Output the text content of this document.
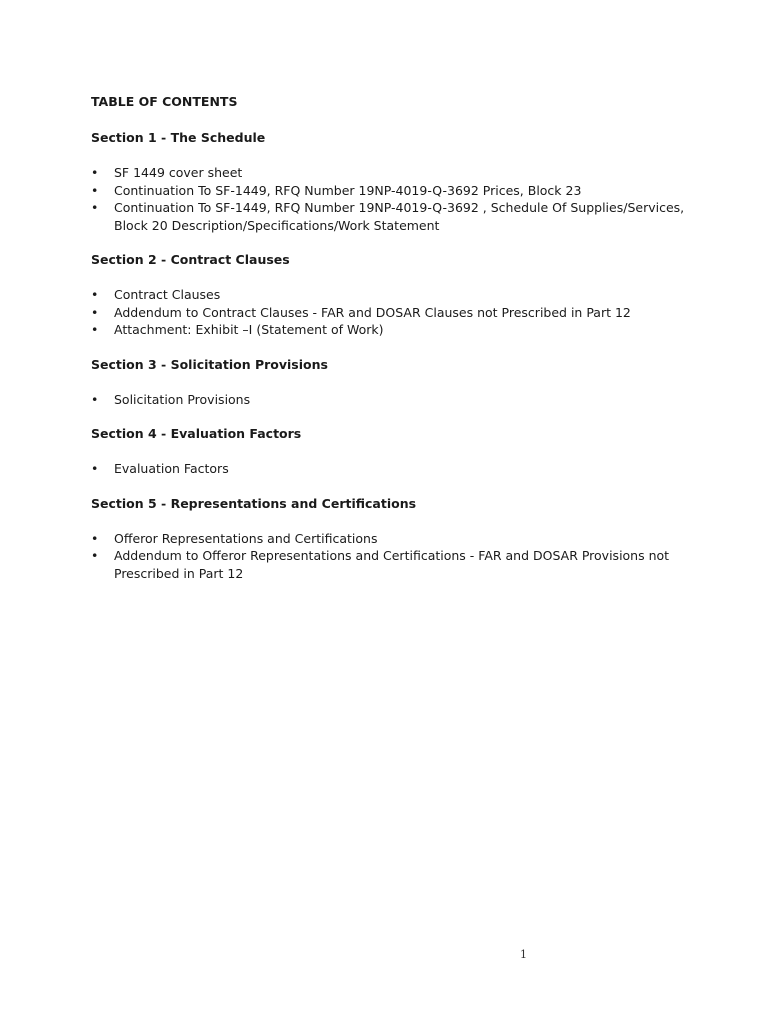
TABLE OF CONTENTS
Section 1 - The Schedule
• SF 1449 cover sheet
• Continuation To SF-1449, RFQ Number 19NP-4019-Q-3692 Prices, Block 23
• Continuation To SF-1449, RFQ Number 19NP-4019-Q-3692 , Schedule Of Supplies/Services, Block 20 Description/Specifications/Work Statement
Section 2 - Contract Clauses
• Contract Clauses
• Addendum to Contract Clauses - FAR and DOSAR Clauses not Prescribed in Part 12
• Attachment: Exhibit –I (Statement of Work)
Section 3 - Solicitation Provisions
• Solicitation Provisions
Section 4 - Evaluation Factors
• Evaluation Factors
Section 5 - Representations and Certifications
• Offeror Representations and Certifications
• Addendum to Offeror Representations and Certifications - FAR and DOSAR Provisions not Prescribed in Part 12
1
